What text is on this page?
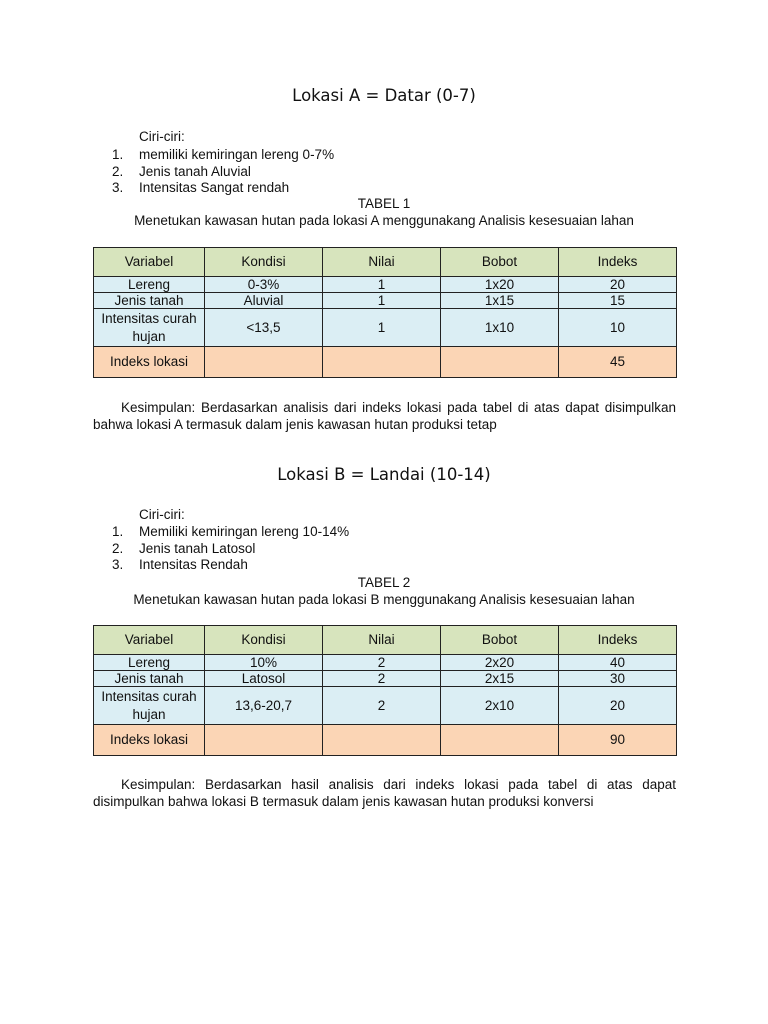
Lokasi A = Datar (0-7)
Ciri-ciri:
1. memiliki kemiringan lereng 0-7%
2. Jenis tanah Aluvial
3. Intensitas Sangat rendah
TABEL 1
Menetukan kawasan hutan pada lokasi A menggunakang Analisis kesesuaian lahan
Variabel	Kondisi	Nilai	Bobot	Indeks
Lereng	0-3%	1	1x20	20
Jenis tanah	Aluvial	1	1x15	15
Intensitas curah hujan	<13,5	1	1x10	10
Indeks lokasi				45

Kesimpulan: Berdasarkan analisis dari indeks lokasi pada tabel di atas dapat disimpulkan bahwa lokasi A termasuk dalam jenis kawasan hutan produksi tetap

Lokasi B = Landai (10-14)
Ciri-ciri:
1. Memiliki kemiringan lereng 10-14%
2. Jenis tanah Latosol
3. Intensitas Rendah
TABEL 2
Menetukan kawasan hutan pada lokasi B menggunakang Analisis kesesuaian lahan
Variabel	Kondisi	Nilai	Bobot	Indeks
Lereng	10%	2	2x20	40
Jenis tanah	Latosol	2	2x15	30
Intensitas curah hujan	13,6-20,7	2	2x10	20
Indeks lokasi				90

Kesimpulan: Berdasarkan hasil analisis dari indeks lokasi pada tabel di atas dapat disimpulkan bahwa lokasi B termasuk dalam jenis kawasan hutan produksi konversi
